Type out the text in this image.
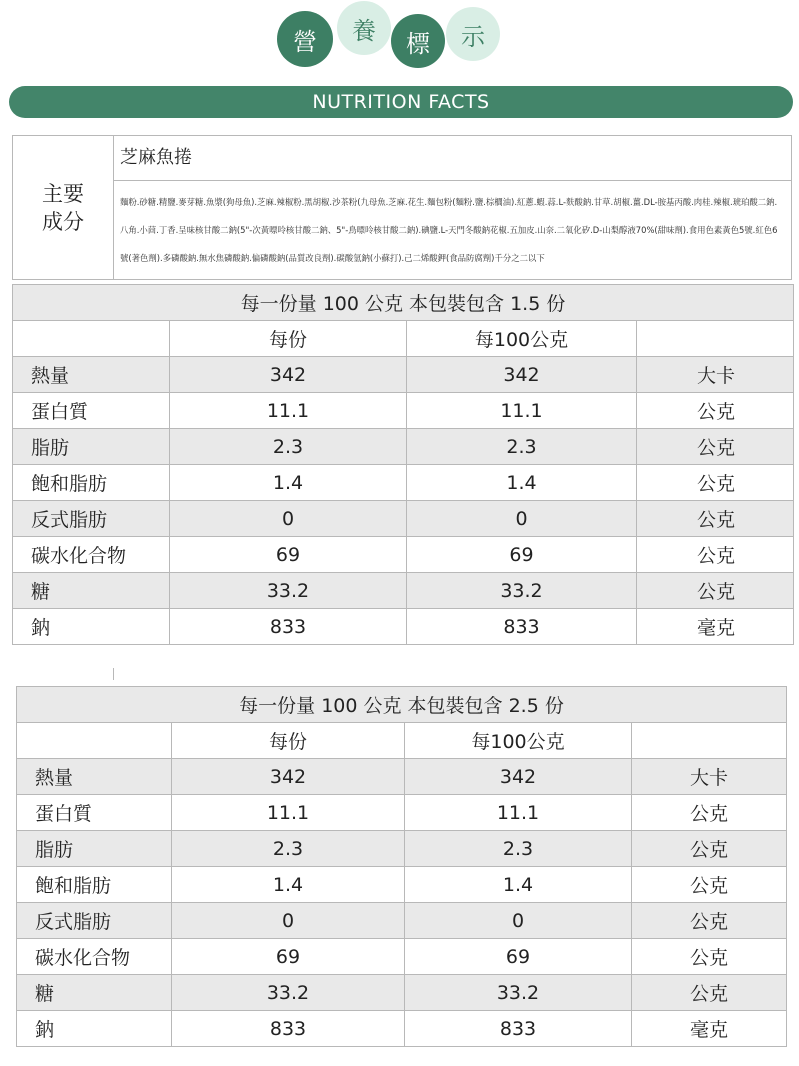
營 養 標 示
NUTRITION FACTS
主要
成分
芝麻魚捲
麵粉.砂糖.精鹽.麥芽糖.魚漿(狗母魚).芝麻.辣椒粉.黑胡椒.沙茶粉(九母魚.芝麻.花生.麵包粉(麵粉.鹽.棕櫚油).紅蔥.蝦.蒜.L-麩酸鈉.甘草.胡椒.薑.DL-胺基丙酸.肉桂.辣椒.琥珀酸二鈉.八角.小茴.丁香.呈味核甘酸二鈉(5"-次黃嘌呤核甘酸二鈉、5"-鳥嘌呤核甘酸二鈉).碘鹽.L-天門冬酸鈉花椒.五加皮.山奈.二氧化矽.D-山梨醇液70%(甜味劑).食用色素黃色5號.紅色6號(著色劑).多磷酸鈉.無水焦磷酸鈉.偏磷酸鈉(品質改良劑).碳酸氫鈉(小蘇打).己二烯酸鉀(食品防腐劑)千分之二以下
每一份量 100 公克 本包裝包含 1.5 份			
	每份	每100公克	
熱量	342	342	大卡
蛋白質	11.1	11.1	公克
脂肪	2.3	2.3	公克
飽和脂肪	1.4	1.4	公克
反式脂肪	0	0	公克
碳水化合物	69	69	公克
糖	33.2	33.2	公克
鈉	833	833	毫克
每一份量 100 公克 本包裝包含 2.5 份			
	每份	每100公克	
熱量	342	342	大卡
蛋白質	11.1	11.1	公克
脂肪	2.3	2.3	公克
飽和脂肪	1.4	1.4	公克
反式脂肪	0	0	公克
碳水化合物	69	69	公克
糖	33.2	33.2	公克
鈉	833	833	毫克
